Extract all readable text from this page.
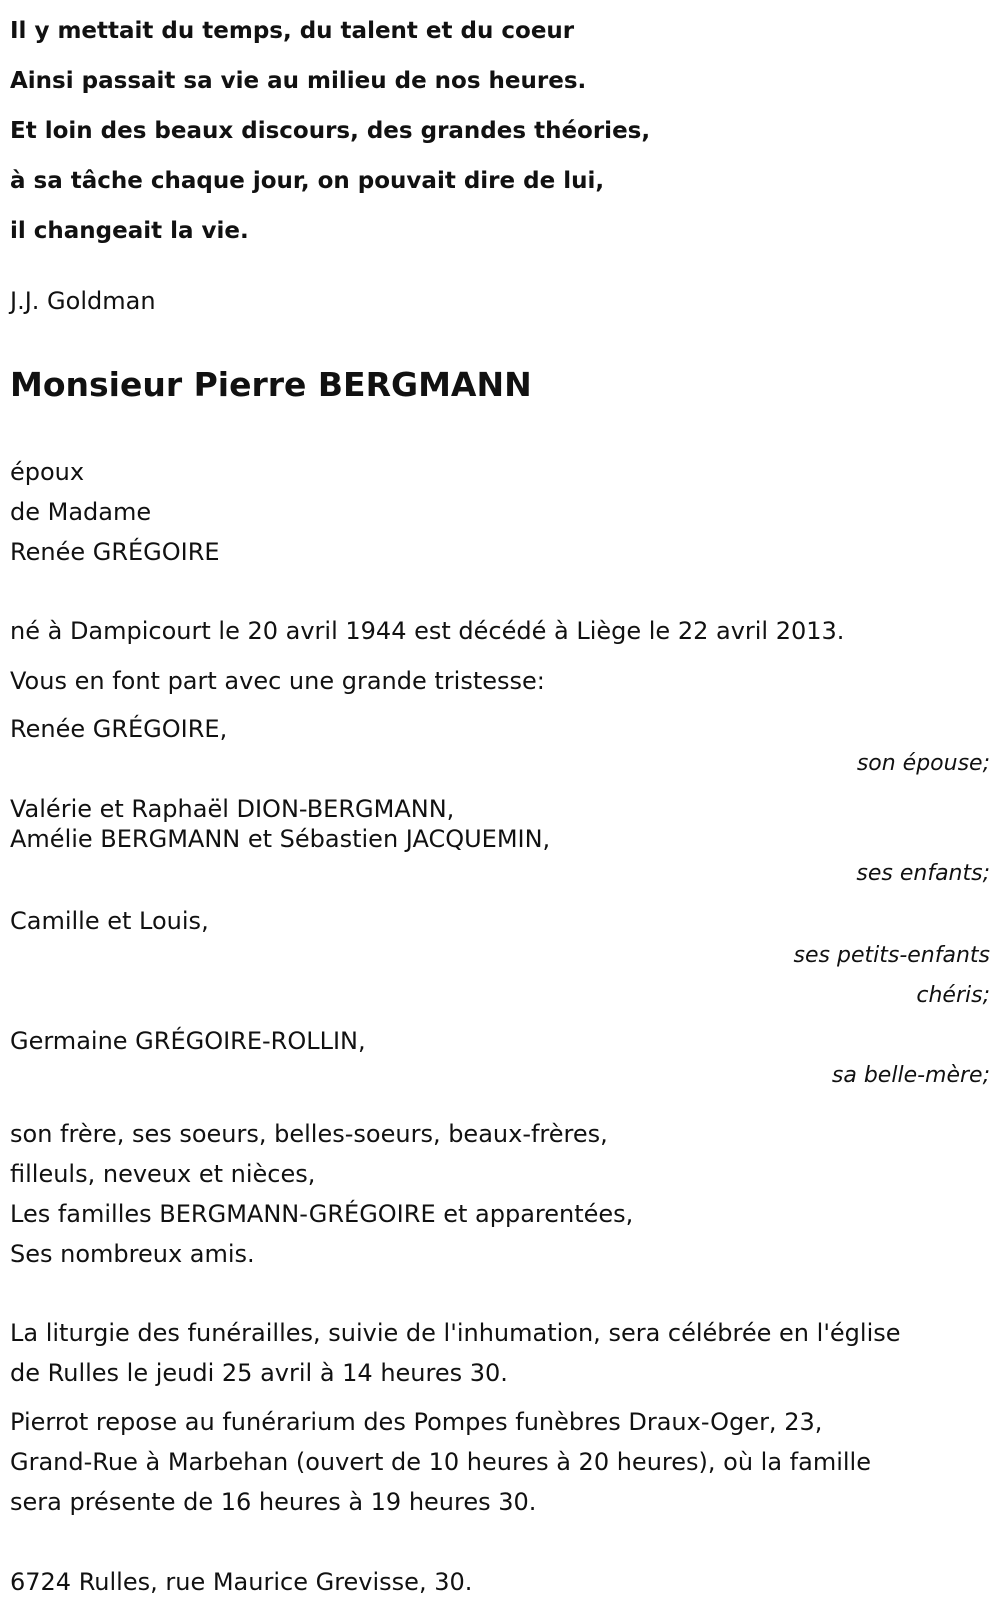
Il y mettait du temps, du talent et du coeur
Ainsi passait sa vie au milieu de nos heures.
Et loin des beaux discours, des grandes théories,
à sa tâche chaque jour, on pouvait dire de lui,
il changeait la vie.
J.J. Goldman
Monsieur Pierre BERGMANN
époux
de Madame
Renée GRÉGOIRE
né à Dampicourt le 20 avril 1944 est décédé à Liège le 22 avril 2013.
Vous en font part avec une grande tristesse:
Renée GRÉGOIRE,
son épouse;
Valérie et Raphaël DION-BERGMANN,
Amélie BERGMANN et Sébastien JACQUEMIN,
ses enfants;
Camille et Louis,
ses petits-enfants
chéris;
Germaine GRÉGOIRE-ROLLIN,
sa belle-mère;
son frère, ses soeurs, belles-soeurs, beaux-frères,
filleuls, neveux et nièces,
Les familles BERGMANN-GRÉGOIRE et apparentées,
Ses nombreux amis.
La liturgie des funérailles, suivie de l'inhumation, sera célébrée en l'église
de Rulles le jeudi 25 avril à 14 heures 30.
Pierrot repose au funérarium des Pompes funèbres Draux-Oger, 23,
Grand-Rue à Marbehan (ouvert de 10 heures à 20 heures), où la famille
sera présente de 16 heures à 19 heures 30.
6724 Rulles, rue Maurice Grevisse, 30.
